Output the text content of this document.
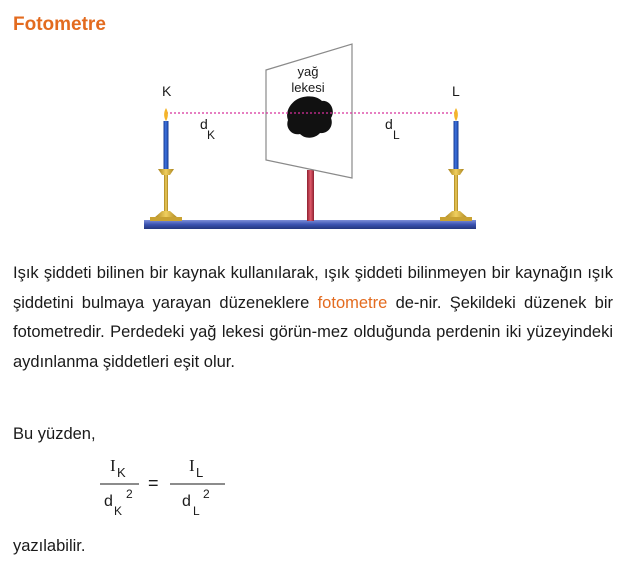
Fotometre
K	L
yağ
lekesi
d
K
d
L

Işık şiddeti bilinen bir kaynak kullanılarak, ışık şiddeti bilinmeyen bir kaynağın ışık şiddetini bulmaya yarayan düzeneklere fotometre de-nir. Şekildeki düzenek bir fotometredir. Perdedeki yağ lekesi görün-mez olduğunda perdenin iki yüzeyindeki aydınlanma şiddetleri eşit olur.

Bu yüzden,

I K
d
K
2
=
I L
d
L
2

yazılabilir.
